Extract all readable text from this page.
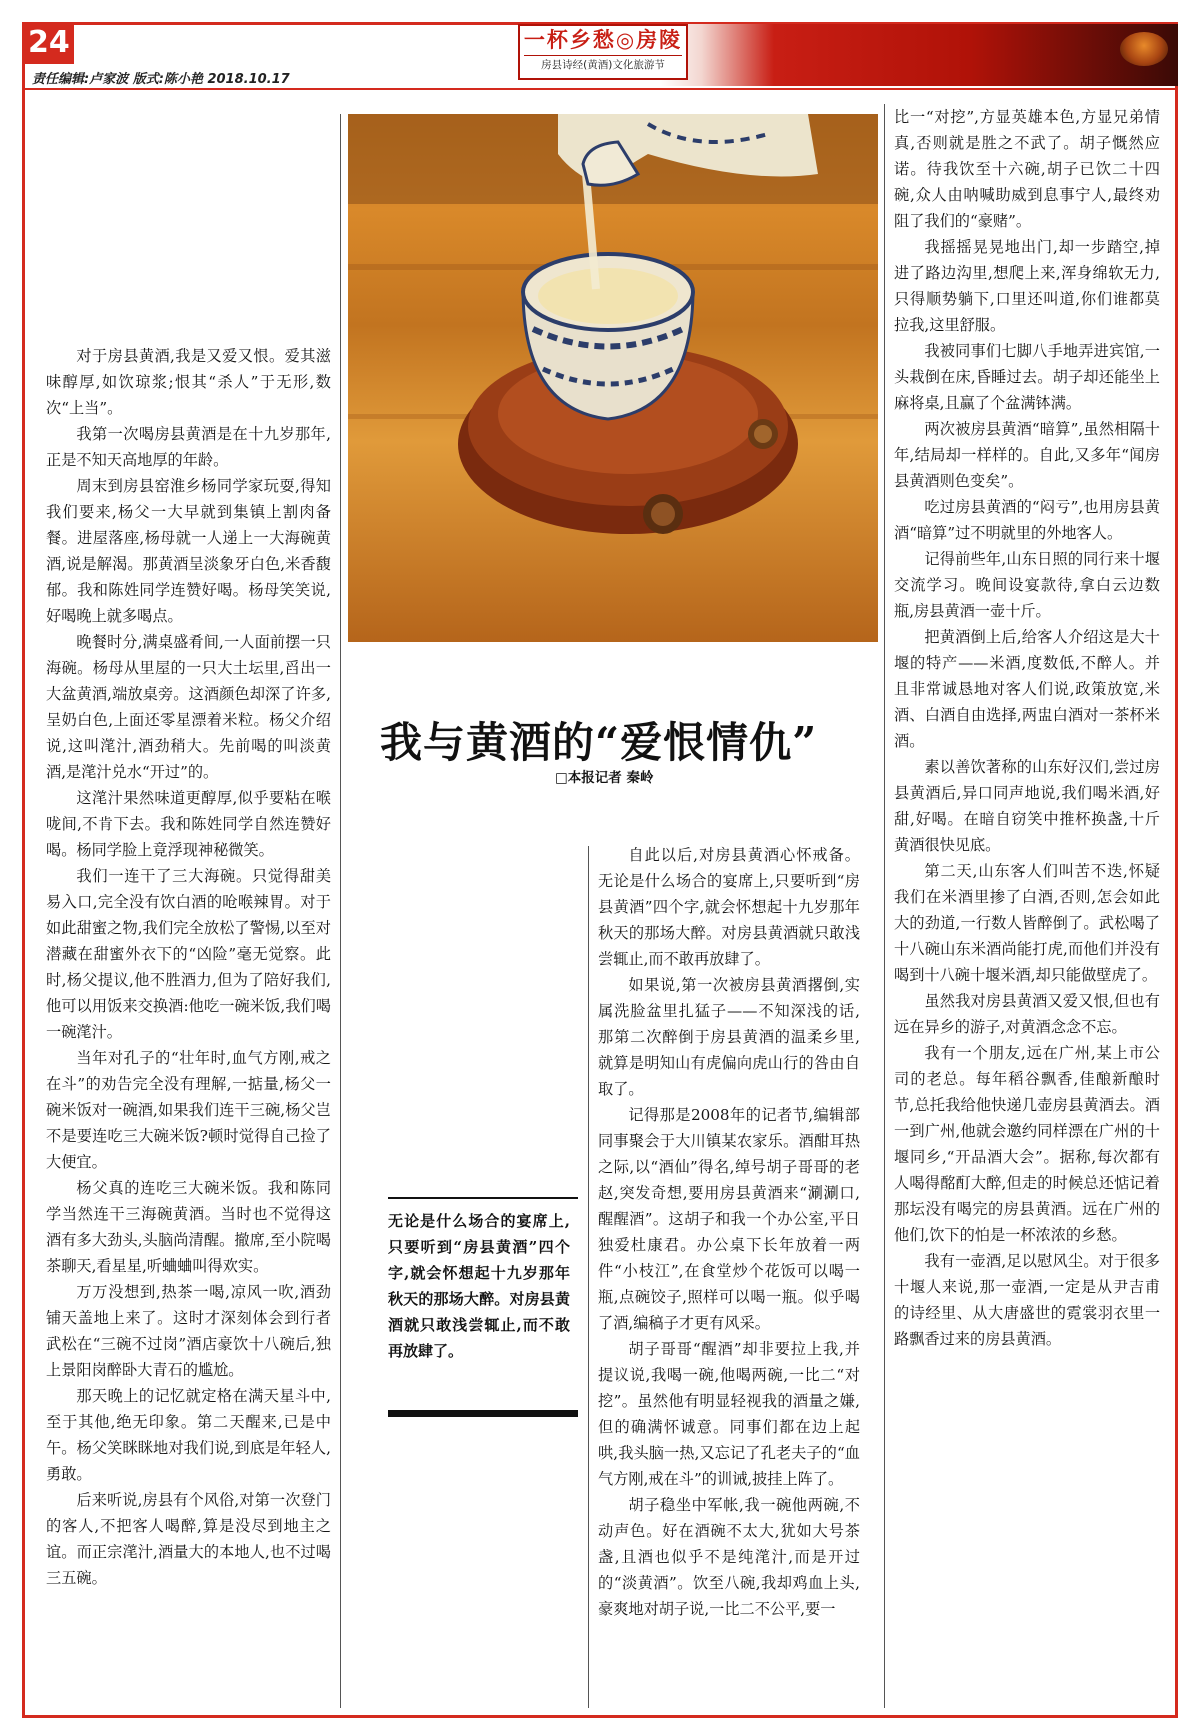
24
责任编辑:卢家波 版式:陈小艳 2018.10.17
一杯乡愁◎房陵
房县诗经(黄酒)文化旅游节
我与黄酒的“爱恨情仇”
□本报记者 秦岭
无论是什么场合的宴席上,只要听到“房县黄酒”四个字,就会怀想起十九岁那年秋天的那场大醉。对房县黄酒就只敢浅尝辄止,而不敢再放肆了。

对于房县黄酒,我是又爱又恨。爱其滋味醇厚,如饮琼浆;恨其“杀人”于无形,数次“上当”。

我第一次喝房县黄酒是在十九岁那年,正是不知天高地厚的年龄。

周末到房县窑淮乡杨同学家玩耍,得知我们要来,杨父一大早就到集镇上割肉备餐。进屋落座,杨母就一人递上一大海碗黄酒,说是解渴。那黄酒呈淡象牙白色,米香馥郁。我和陈姓同学连赞好喝。杨母笑笑说,好喝晚上就多喝点。

晚餐时分,满桌盛肴间,一人面前摆一只海碗。杨母从里屋的一只大土坛里,舀出一大盆黄酒,端放桌旁。这酒颜色却深了许多,呈奶白色,上面还零星漂着米粒。杨父介绍说,这叫滗汁,酒劲稍大。先前喝的叫淡黄酒,是滗汁兑水“开过”的。

这滗汁果然味道更醇厚,似乎要粘在喉咙间,不肯下去。我和陈姓同学自然连赞好喝。杨同学脸上竟浮现神秘微笑。

我们一连干了三大海碗。只觉得甜美易入口,完全没有饮白酒的呛喉辣胃。对于如此甜蜜之物,我们完全放松了警惕,以至对潜藏在甜蜜外衣下的“凶险”毫无觉察。此时,杨父提议,他不胜酒力,但为了陪好我们,他可以用饭来交换酒:他吃一碗米饭,我们喝一碗滗汁。

当年对孔子的“壮年时,血气方刚,戒之在斗”的劝告完全没有理解,一掂量,杨父一碗米饭对一碗酒,如果我们连干三碗,杨父岂不是要连吃三大碗米饭?顿时觉得自己捡了大便宜。

杨父真的连吃三大碗米饭。我和陈同学当然连干三海碗黄酒。当时也不觉得这酒有多大劲头,头脑尚清醒。撤席,至小院喝茶聊天,看星星,听蛐蛐叫得欢实。

万万没想到,热茶一喝,凉风一吹,酒劲铺天盖地上来了。这时才深刻体会到行者武松在“三碗不过岗”酒店豪饮十八碗后,独上景阳岗醉卧大青石的尴尬。

那天晚上的记忆就定格在满天星斗中,至于其他,绝无印象。第二天醒来,已是中午。杨父笑眯眯地对我们说,到底是年轻人,勇敢。

后来听说,房县有个风俗,对第一次登门的客人,不把客人喝醉,算是没尽到地主之谊。而正宗滗汁,酒量大的本地人,也不过喝三五碗。

自此以后,对房县黄酒心怀戒备。无论是什么场合的宴席上,只要听到“房县黄酒”四个字,就会怀想起十九岁那年秋天的那场大醉。对房县黄酒就只敢浅尝辄止,而不敢再放肆了。

如果说,第一次被房县黄酒撂倒,实属洗脸盆里扎猛子——不知深浅的话,那第二次醉倒于房县黄酒的温柔乡里,就算是明知山有虎偏向虎山行的咎由自取了。

记得那是2008年的记者节,编辑部同事聚会于大川镇某农家乐。酒酣耳热之际,以“酒仙”得名,绰号胡子哥哥的老赵,突发奇想,要用房县黄酒来“涮涮口,醒醒酒”。这胡子和我一个办公室,平日独爱杜康君。办公桌下长年放着一两件“小枝江”,在食堂炒个花饭可以喝一瓶,点碗饺子,照样可以喝一瓶。似乎喝了酒,编稿子才更有风采。

胡子哥哥“醒酒”却非要拉上我,并提议说,我喝一碗,他喝两碗,一比二“对挖”。虽然他有明显轻视我的酒量之嫌,但的确满怀诚意。同事们都在边上起哄,我头脑一热,又忘记了孔老夫子的“血气方刚,戒在斗”的训诫,披挂上阵了。

胡子稳坐中军帐,我一碗他两碗,不动声色。好在酒碗不太大,犹如大号茶盏,且酒也似乎不是纯滗汁,而是开过的“淡黄酒”。饮至八碗,我却鸡血上头,豪爽地对胡子说,一比二不公平,要一

比一“对挖”,方显英雄本色,方显兄弟情真,否则就是胜之不武了。胡子慨然应诺。待我饮至十六碗,胡子已饮二十四碗,众人由呐喊助威到息事宁人,最终劝阻了我们的“豪赌”。

我摇摇晃晃地出门,却一步踏空,掉进了路边沟里,想爬上来,浑身绵软无力,只得顺势躺下,口里还叫道,你们谁都莫拉我,这里舒服。

我被同事们七脚八手地弄进宾馆,一头栽倒在床,昏睡过去。胡子却还能坐上麻将桌,且赢了个盆满钵满。

两次被房县黄酒“暗算”,虽然相隔十年,结局却一样样的。自此,又多年“闻房县黄酒则色变矣”。

吃过房县黄酒的“闷亏”,也用房县黄酒“暗算”过不明就里的外地客人。

记得前些年,山东日照的同行来十堰交流学习。晚间设宴款待,拿白云边数瓶,房县黄酒一壶十斤。

把黄酒倒上后,给客人介绍这是大十堰的特产——米酒,度数低,不醉人。并且非常诚恳地对客人们说,政策放宽,米酒、白酒自由选择,两盅白酒对一茶杯米酒。

素以善饮著称的山东好汉们,尝过房县黄酒后,异口同声地说,我们喝米酒,好甜,好喝。在暗自窃笑中推杯换盏,十斤黄酒很快见底。

第二天,山东客人们叫苦不迭,怀疑我们在米酒里掺了白酒,否则,怎会如此大的劲道,一行数人皆醉倒了。武松喝了十八碗山东米酒尚能打虎,而他们并没有喝到十八碗十堰米酒,却只能做壁虎了。

虽然我对房县黄酒又爱又恨,但也有远在异乡的游子,对黄酒念念不忘。

我有一个朋友,远在广州,某上市公司的老总。每年稻谷飘香,佳酿新酿时节,总托我给他快递几壶房县黄酒去。酒一到广州,他就会邀约同样漂在广州的十堰同乡,“开品酒大会”。据称,每次都有人喝得酩酊大醉,但走的时候总还惦记着那坛没有喝完的房县黄酒。远在广州的他们,饮下的怕是一杯浓浓的乡愁。

我有一壶酒,足以慰风尘。对于很多十堰人来说,那一壶酒,一定是从尹吉甫的诗经里、从大唐盛世的霓裳羽衣里一路飘香过来的房县黄酒。
